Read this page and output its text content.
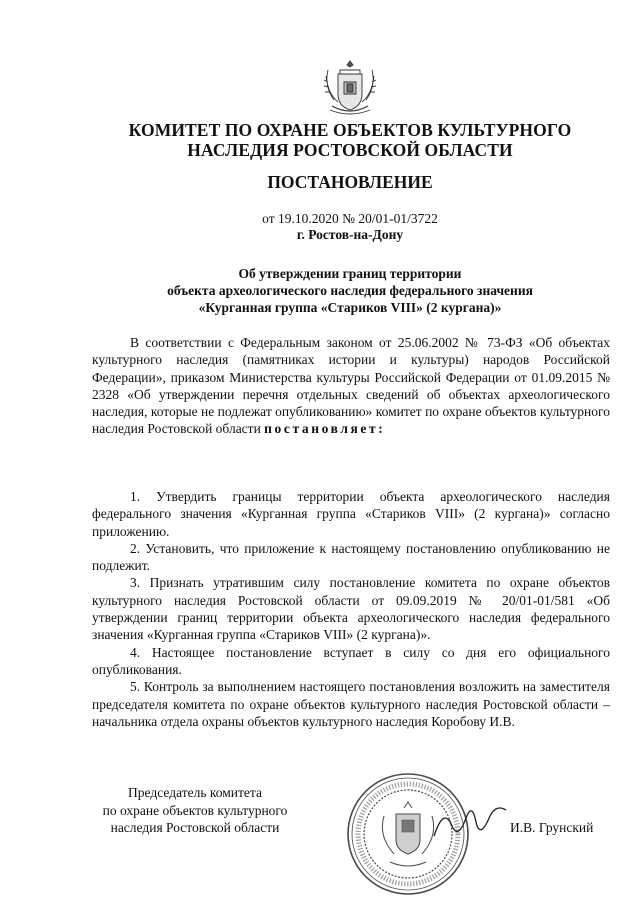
КОМИТЕТ ПО ОХРАНЕ ОБЪЕКТОВ КУЛЬТУРНОГО
НАСЛЕДИЯ РОСТОВСКОЙ ОБЛАСТИ
ПОСТАНОВЛЕНИЕ
от 19.10.2020 № 20/01-01/3722
г. Ростов-на-Дону
Об утверждении границ территории
объекта археологического наследия федерального значения
«Курганная группа «Стариков VIII» (2 кургана)»

В соответствии с Федеральным законом от 25.06.2002 № 73-ФЗ «Об объектах культурного наследия (памятниках истории и культуры) народов Российской Федерации», приказом Министерства культуры Российской Федерации от 01.09.2015 № 2328 «Об утверждении перечня отдельных сведений об объектах археологического наследия, которые не подлежат опубликованию» комитет по охране объектов культурного наследия Ростовской области постановляет:

1. Утвердить границы территории объекта археологического наследия федерального значения «Курганная группа «Стариков VIII» (2 кургана)» согласно приложению.

2. Установить, что приложение к настоящему постановлению опубликованию не подлежит.

3. Признать утратившим силу постановление комитета по охране объектов культурного наследия Ростовской области от 09.09.2019 № 20/01-01/581 «Об утверждении границ территории объекта археологического наследия федерального значения «Курганная группа «Стариков VIII» (2 кургана)».

4. Настоящее постановление вступает в силу со дня его официального опубликования.

5. Контроль за выполнением настоящего постановления возложить на заместителя председателя комитета по охране объектов культурного наследия Ростовской области – начальника отдела охраны объектов культурного наследия Коробову И.В.

Председатель комитета
по охране объектов культурного
наследия Ростовской области	И.В. Грунский
